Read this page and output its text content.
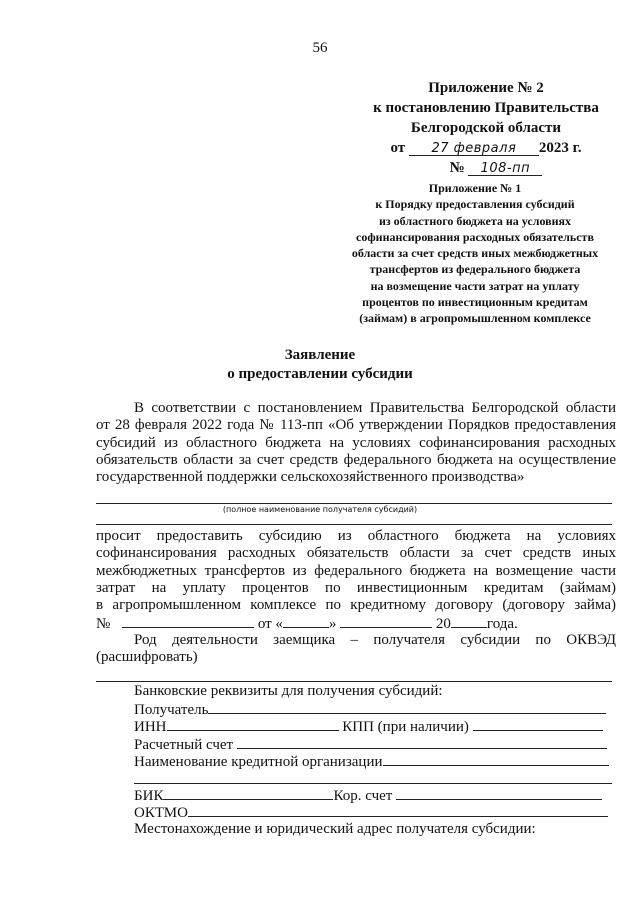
56
Приложение № 2
к постановлению Правительства
Белгородской области
от 27 февраля 2023 г.
№ 108-пп
Приложение № 1
к Порядку предоставления субсидий
из областного бюджета на условиях
софинансирования расходных обязательств
области за счет средств иных межбюджетных
трансфертов из федерального бюджета
на возмещение части затрат на уплату
процентов по инвестиционным кредитам
(займам) в агропромышленном комплексе
Заявление
о предоставлении субсидии
В соответствии с постановлением Правительства Белгородской области
от 28 февраля 2022 года № 113-пп «Об утверждении Порядков предоставления
субсидий из областного бюджета на условиях софинансирования расходных
обязательств области за счет средств федерального бюджета на осуществление
государственной поддержки сельскохозяйственного производства»
(полное наименование получателя субсидий)
просит предоставить субсидию из областного бюджета на условиях
софинансирования расходных обязательств области за счет средств иных
межбюджетных трансфертов из федерального бюджета на возмещение части
затрат на уплату процентов по инвестиционным кредитам (займам)
в агропромышленном комплексе по кредитному договору (договору займа)
№	от «	»	20 года.
Род деятельности заемщика – получателя субсидии по ОКВЭД
(расшифровать)
Банковские реквизиты для получения субсидий:
Получатель
ИНН	КПП (при наличии)
Расчетный счет
Наименование кредитной организации
БИК	Кор. счет
ОКТМО
Местонахождение и юридический адрес получателя субсидии:
